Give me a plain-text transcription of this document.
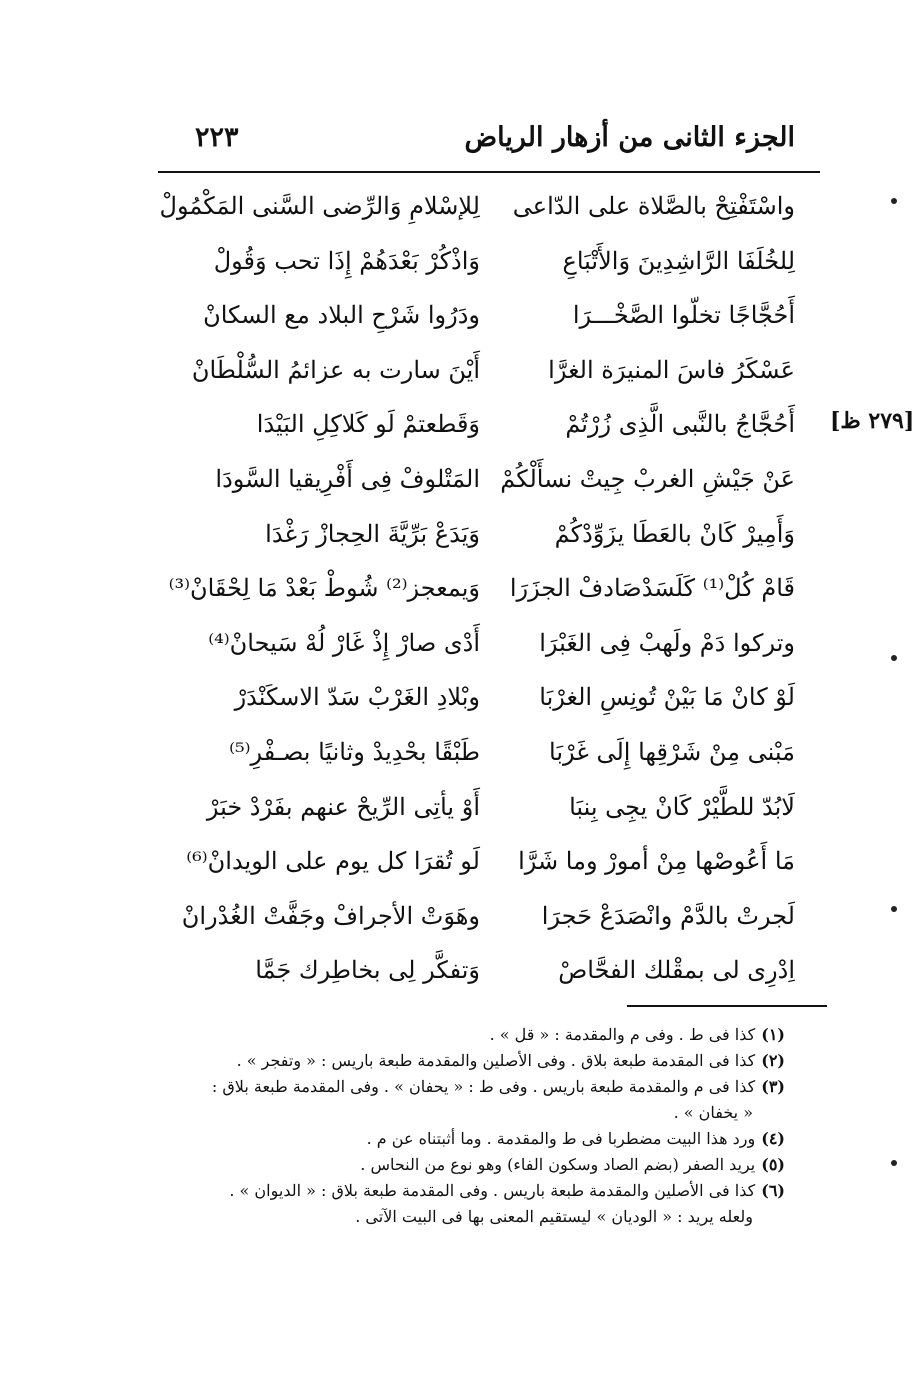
الجزء الثانى من أزهار الرياض
٢٢٣
[٢٧٩ ظ]
واسْتَفْتِحْ بالصَّلاة على الدّاعى
لِلإسْلامِ وَالرِّضى السَّنى المَكْمُولْ
لِلخُلَفَا الرَّاشِدِينَ وَالأَتْبَاعِ
وَاذْكُرْ بَعْدَهُمْ إِذَا تحب وَقُولْ
أَحُجَّاجًا تخلّوا الصَّخْـــرَا
ودَرُوا شَرْحِ البلاد مع السكانْ
عَسْكَرُ فاسَ المنيرَة الغرَّا
أَيْنَ سارت به عزائمُ السُّلْطَانْ
أَحُجَّاجُ بالنَّبى الَّذِى زُرْتُمْ
وَقَطعتمْ لَو كَلاكِلِ البَيْدَا
عَنْ جَيْشِ الغربْ جِيتْ نسأَلْكُمْ
المَتْلوفْ فِى أَفْرِيقيا السَّودَا
وَأَمِيرْ كَانْ بالعَطَا يزَوِّدْكُمْ
وَيَدَعْ بَرِّيَّةَ الحِجازْ رَغْدَا
قَامْ كُلْ⁽¹⁾ كَلَسَدْصَادفْ الجزَرَا
وَيمعجز⁽²⁾ شُوطْ بَعْدْ مَا لِحْقَانْ⁽³⁾
وتركوا دَمْ ولَهبْ فِى الغَبْرَا
أَدْى صارْ إِذْ غَارْ لُهْ سَيحانْ⁽⁴⁾
لَوْ كانْ مَا بَيْنْ تُونِسِ الغرْبَا
وبْلادِ الغَرْبْ سَدّ الاسكَنْدَرْ
مَبْنى مِنْ شَرْقِها إِلَى غَرْبَا
طَبْقًا بحْدِيدْ وثانيًا بصـفْرِ⁽⁵⁾
لَابُدّ للطَّيْرْ كَانْ يجِى بِنبَا
أَوْ يأتِى الرِّيحْ عنهم بفَرْدْ خبَرْ
مَا أَعُوصْها مِنْ أمورْ وما شَرَّا
لَو تُقرَا كل يوم على الويدانْ⁽⁶⁾
لَجرتْ بالدَّمْ وانْصَدَعْ حَجرَا
وهَوَتْ الأجرافْ وجَفَّتْ الغُدْرانْ
اِدْرِى لى بمقْلك الفحَّاصْ
وَتفكَّر لِى بخاطِرك جَمَّا
(١)كذا فى ط . وفى م والمقدمة : « قل » .
(٢)كذا فى المقدمة طبعة بلاق . وفى الأصلين والمقدمة طبعة باريس : « وتفجر » .
(٣)كذا فى م والمقدمة طبعة باريس . وفى ط : « يحفان » . وفى المقدمة طبعة بلاق :
« يخفان » .
(٤)ورد هذا البيت مضطربا فى ط والمقدمة . وما أثبتناه عن م .
(٥)يريد الصفر (بضم الصاد وسكون الفاء) وهو نوع من النحاس .
(٦)كذا فى الأصلين والمقدمة طبعة باريس . وفى المقدمة طبعة بلاق : « الديوان » .
ولعله يريد : « الوديان » ليستقيم المعنى بها فى البيت الآتى .
